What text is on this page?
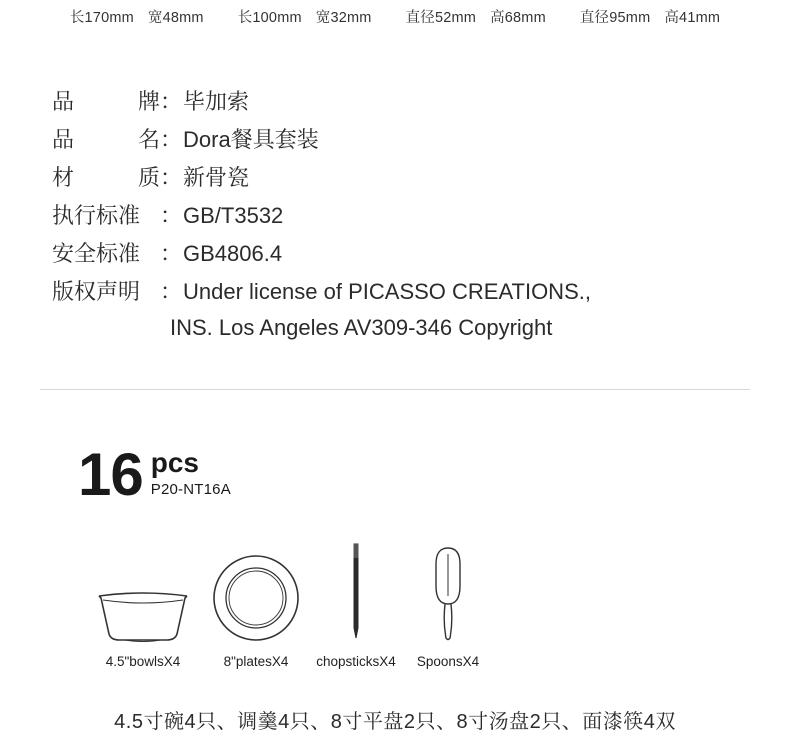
长170mm 宽48mm 长100mm 宽32mm 直径52mm 高68mm 直径95mm 高41mm
品	牌 ： 毕加索
品	名 ： Dora餐具套装
材	质 ： 新骨瓷
执行标准 ： GB/T3532
安全标准 ： GB4806.4
版权声明 ： Under license of PICASSO CREATIONS.,
INS. Los Angeles AV309-346 Copyright
16 pcs
P20-NT16A
4.5"bowlsX4	8"platesX4 chopsticksX4 SpoonsX4
4.5寸碗4只、调羹4只、8寸平盘2只、8寸汤盘2只、面漆筷4双
